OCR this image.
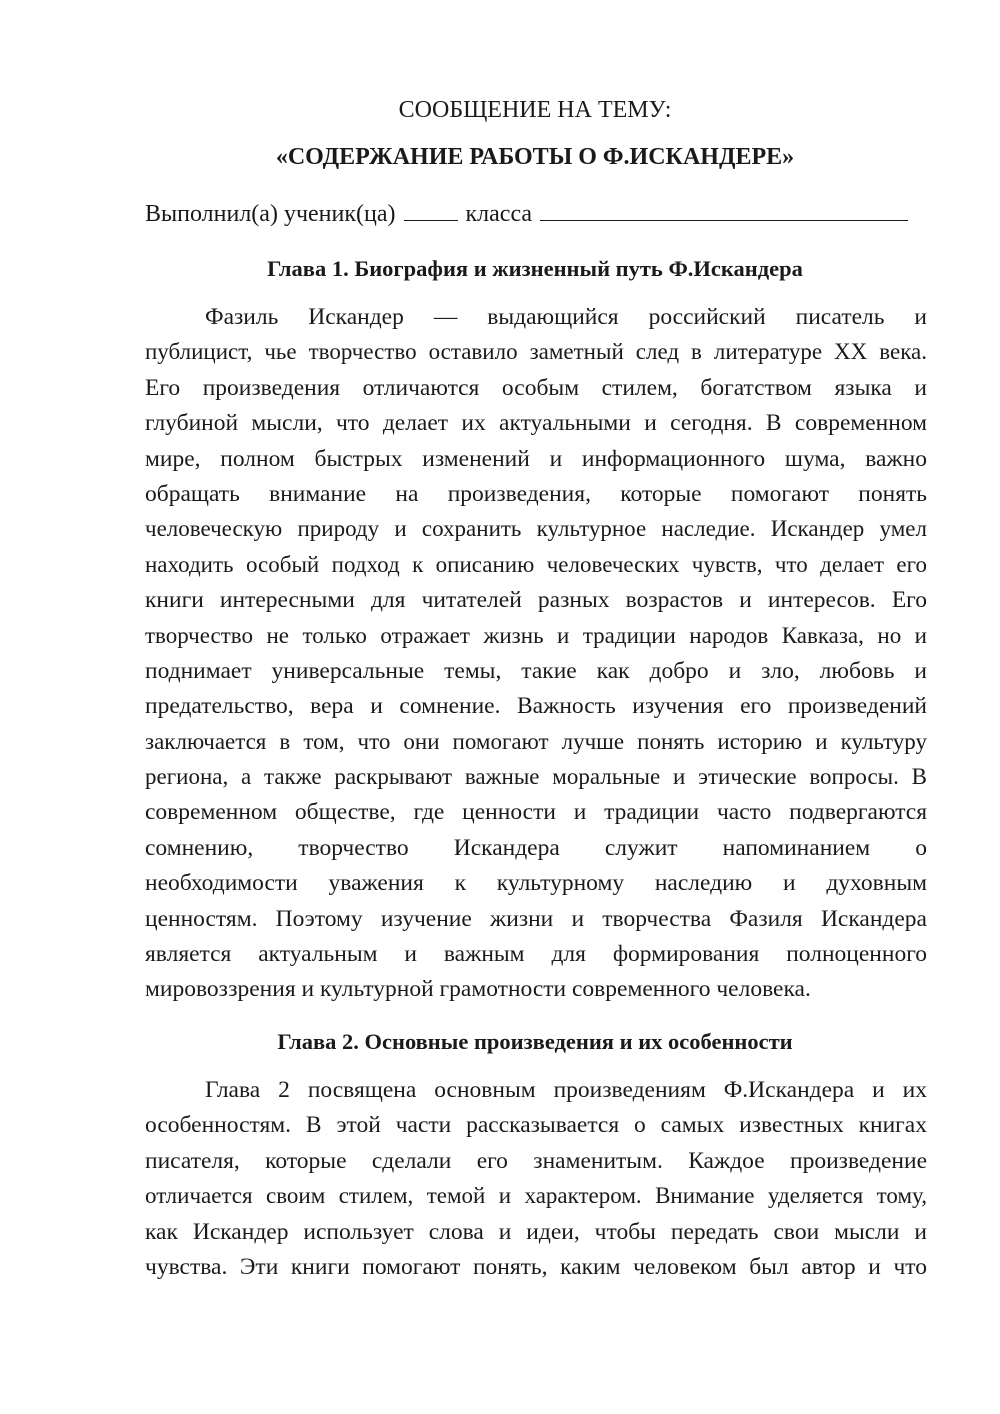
СООБЩЕНИЕ НА ТЕМУ:
«СОДЕРЖАНИЕ РАБОТЫ О Ф.ИСКАНДЕРЕ»
Выполнил(а) ученик(ца)	класса
Глава 1. Биография и жизненный путь Ф.Искандера
Фазиль Искандер — выдающийся российский писатель и
публицист, чье творчество оставило заметный след в литературе XX века.
Его произведения отличаются особым стилем, богатством языка и
глубиной мысли, что делает их актуальными и сегодня. В современном
мире, полном быстрых изменений и информационного шума, важно
обращать внимание на произведения, которые помогают понять
человеческую природу и сохранить культурное наследие. Искандер умел
находить особый подход к описанию человеческих чувств, что делает его
книги интересными для читателей разных возрастов и интересов. Его
творчество не только отражает жизнь и традиции народов Кавказа, но и
поднимает универсальные темы, такие как добро и зло, любовь и
предательство, вера и сомнение. Важность изучения его произведений
заключается в том, что они помогают лучше понять историю и культуру
региона, а также раскрывают важные моральные и этические вопросы. В
современном обществе, где ценности и традиции часто подвергаются
сомнению, творчество Искандера служит напоминанием о
необходимости уважения к культурному наследию и духовным
ценностям. Поэтому изучение жизни и творчества Фазиля Искандера
является актуальным и важным для формирования полноценного
мировоззрения и культурной грамотности современного человека.
Глава 2. Основные произведения и их особенности
Глава 2 посвящена основным произведениям Ф.Искандера и их
особенностям. В этой части рассказывается о самых известных книгах
писателя, которые сделали его знаменитым. Каждое произведение
отличается своим стилем, темой и характером. Внимание уделяется тому,
как Искандер использует слова и идеи, чтобы передать свои мысли и
чувства. Эти книги помогают понять, каким человеком был автор и что
